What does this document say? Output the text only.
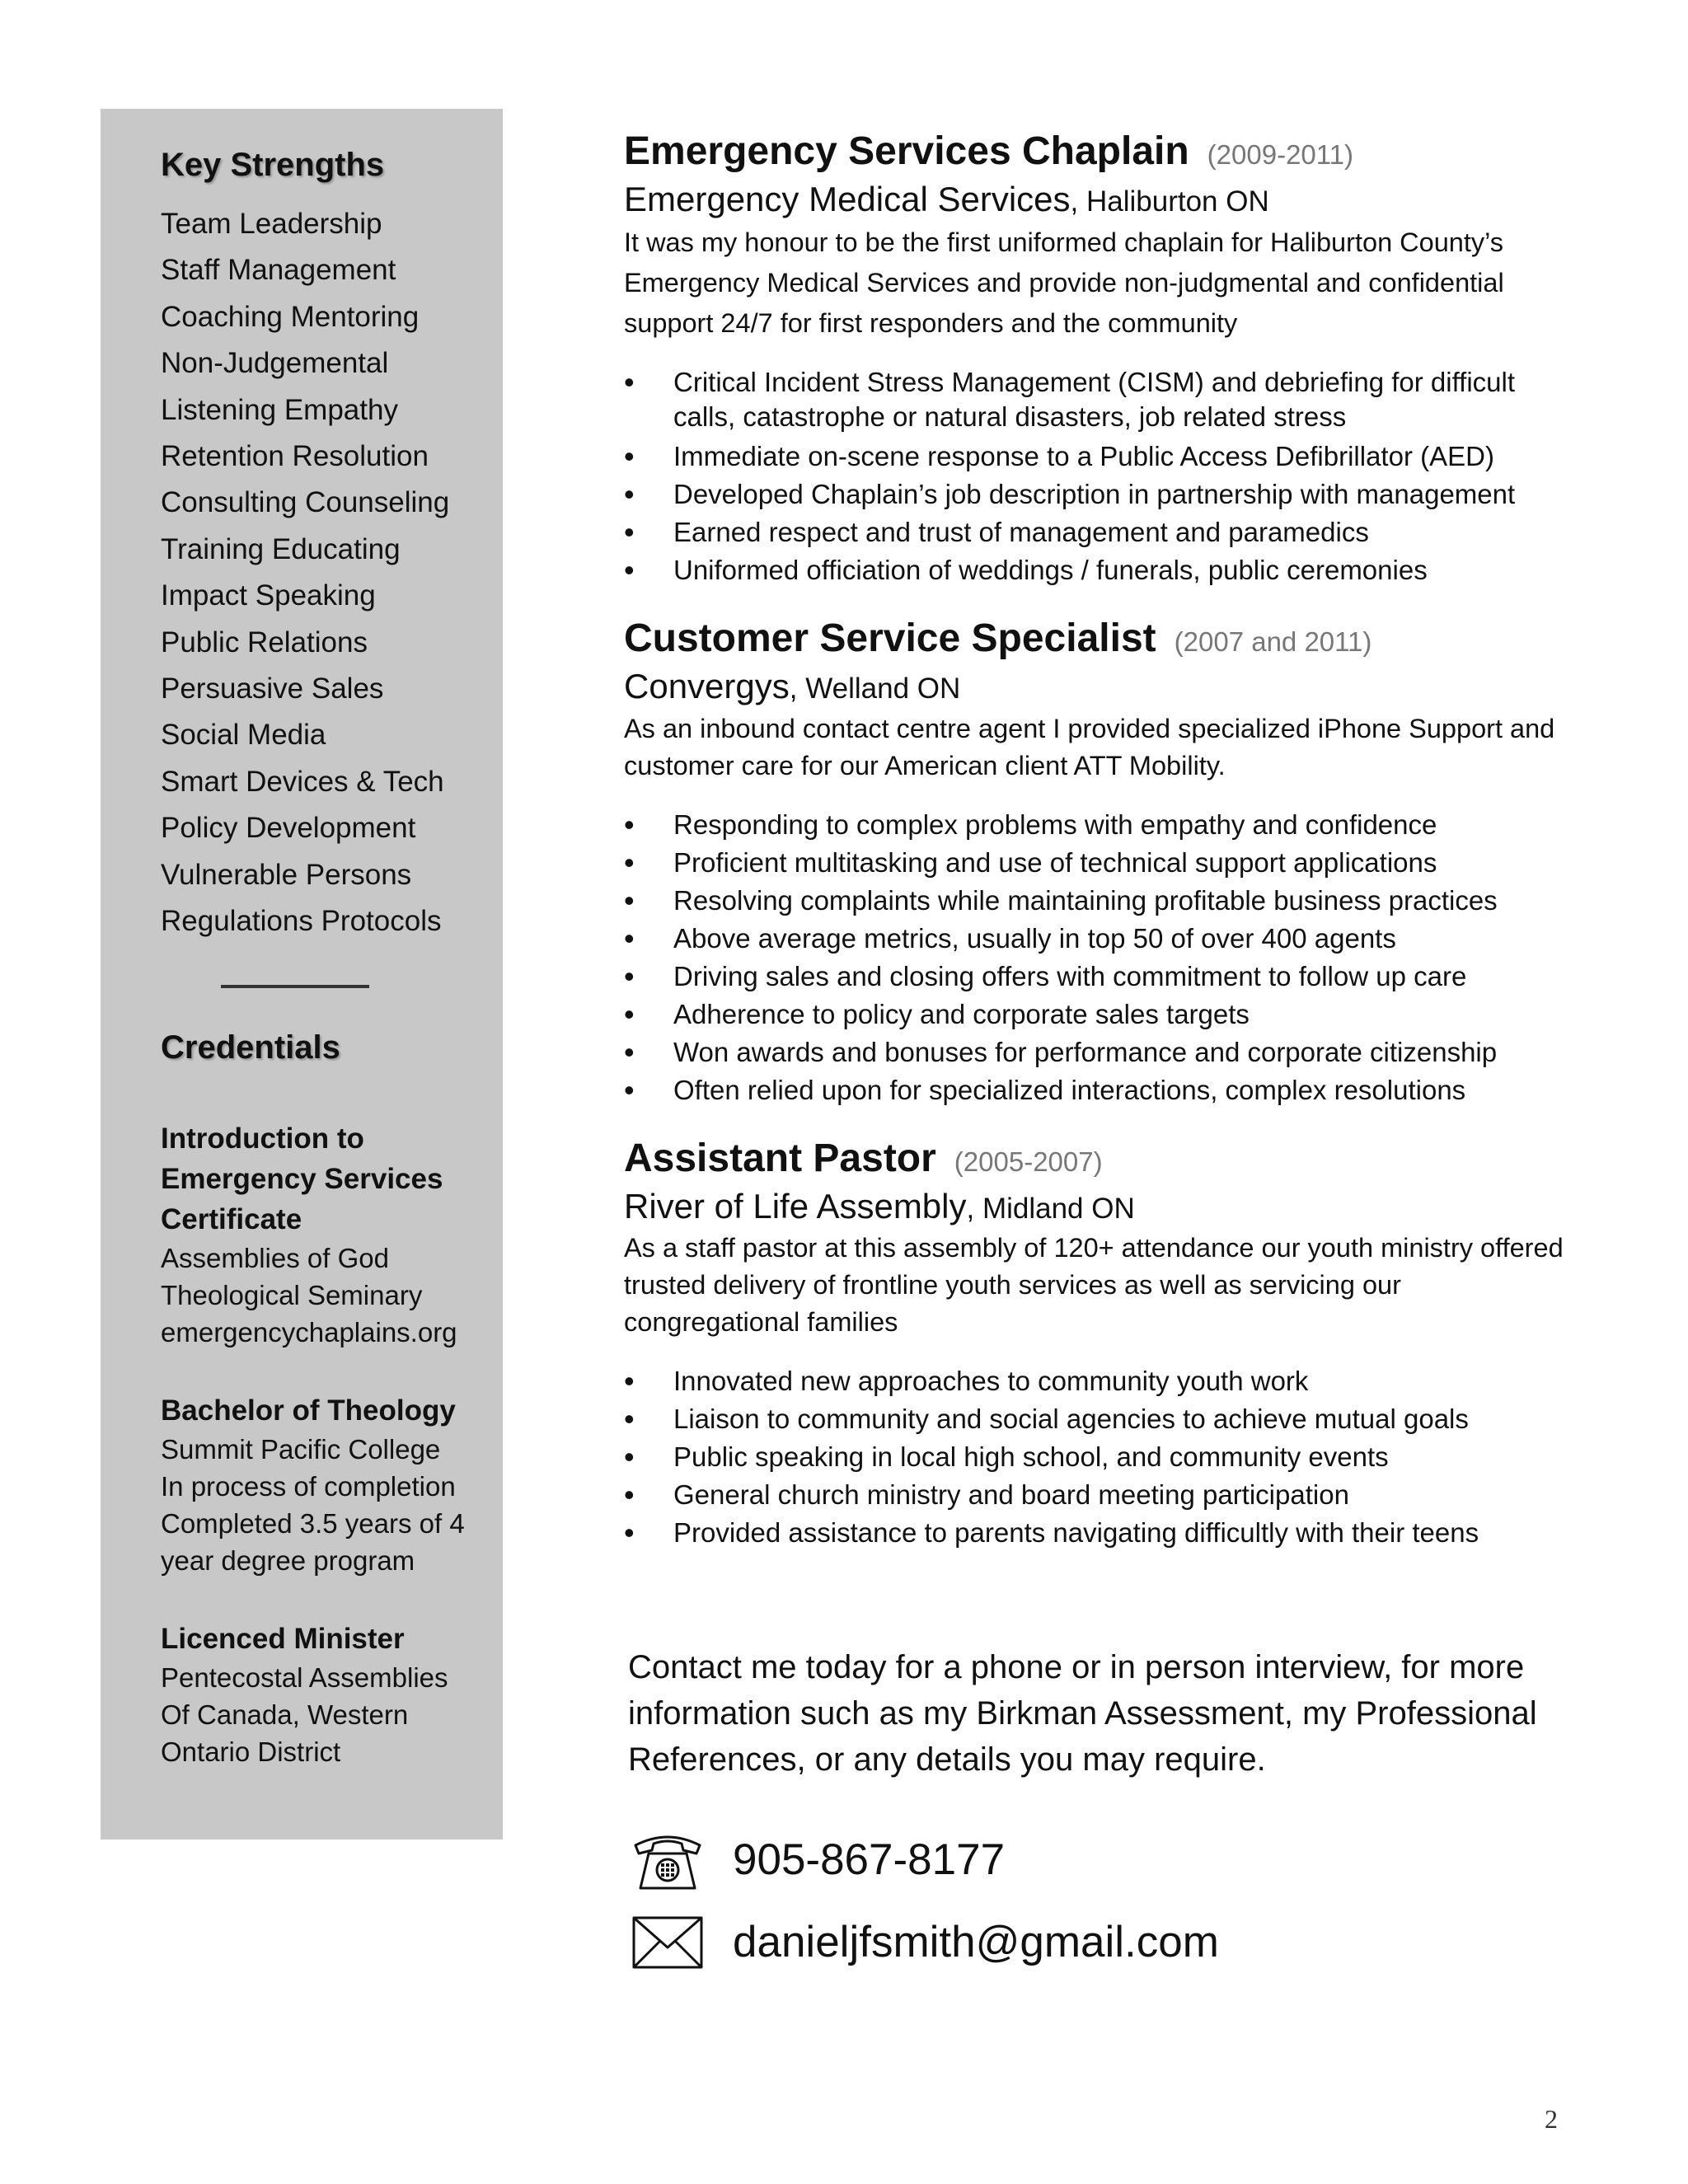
Key Strengths
Team Leadership
Staff Management
Coaching Mentoring
Non-Judgemental
Listening Empathy
Retention Resolution
Consulting Counseling
Training Educating
Impact Speaking
Public Relations
Persuasive Sales
Social Media
Smart Devices & Tech
Policy Development
Vulnerable Persons
Regulations Protocols
Credentials
Introduction to
Emergency Services
Certificate
Assemblies of God
Theological Seminary
emergencychaplains.org
Bachelor of Theology
Summit Pacific College
In process of completion
Completed 3.5 years of 4
year degree program
Licenced Minister
Pentecostal Assemblies
Of Canada, Western
Ontario District
Emergency Services Chaplain (2009-2011)
Emergency Medical Services, Haliburton ON

It was my honour to be the first uniformed chaplain for Haliburton County’s Emergency Medical Services and provide non-judgmental and confidential support 24/7 for first responders and the community

• Critical Incident Stress Management (CISM) and debriefing for difficult calls, catastrophe or natural disasters, job related stress
• Immediate on-scene response to a Public Access Defibrillator (AED)
• Developed Chaplain’s job description in partnership with management
• Earned respect and trust of management and paramedics
• Uniformed officiation of weddings / funerals, public ceremonies
Customer Service Specialist (2007 and 2011)
Convergys, Welland ON

As an inbound contact centre agent I provided specialized iPhone Support and customer care for our American client ATT Mobility.

• Responding to complex problems with empathy and confidence
• Proficient multitasking and use of technical support applications
• Resolving complaints while maintaining profitable business practices
• Above average metrics, usually in top 50 of over 400 agents
• Driving sales and closing offers with commitment to follow up care
• Adherence to policy and corporate sales targets
• Won awards and bonuses for performance and corporate citizenship
• Often relied upon for specialized interactions, complex resolutions
Assistant Pastor (2005-2007)
River of Life Assembly, Midland ON

As a staff pastor at this assembly of 120+ attendance our youth ministry offered trusted delivery of frontline youth services as well as servicing our congregational families

• Innovated new approaches to community youth work
• Liaison to community and social agencies to achieve mutual goals
• Public speaking in local high school, and community events
• General church ministry and board meeting participation
• Provided assistance to parents navigating difficultly with their teens

Contact me today for a phone or in person interview, for more information such as my Birkman Assessment, my Professional References, or any details you may require.

905-867-8177
danieljfsmith@gmail.com
2
